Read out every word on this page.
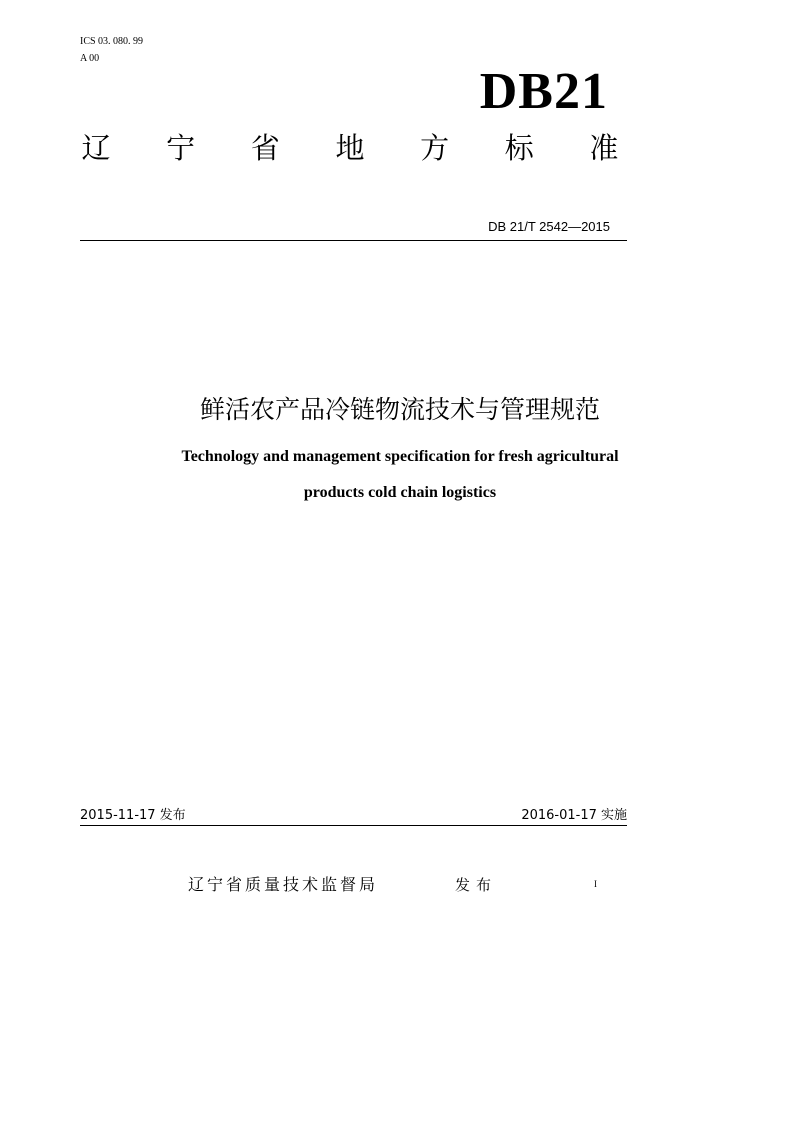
ICS 03. 080. 99
A 00
DB21
辽 宁 省 地 方 标 准
DB 21/T 2542—2015
鲜活农产品冷链物流技术与管理规范
Technology and management specification for fresh agricultural
products cold chain logistics
2015-11-17 发布	2016-01-17 实施
辽宁省质量技术监督局	发布	I
